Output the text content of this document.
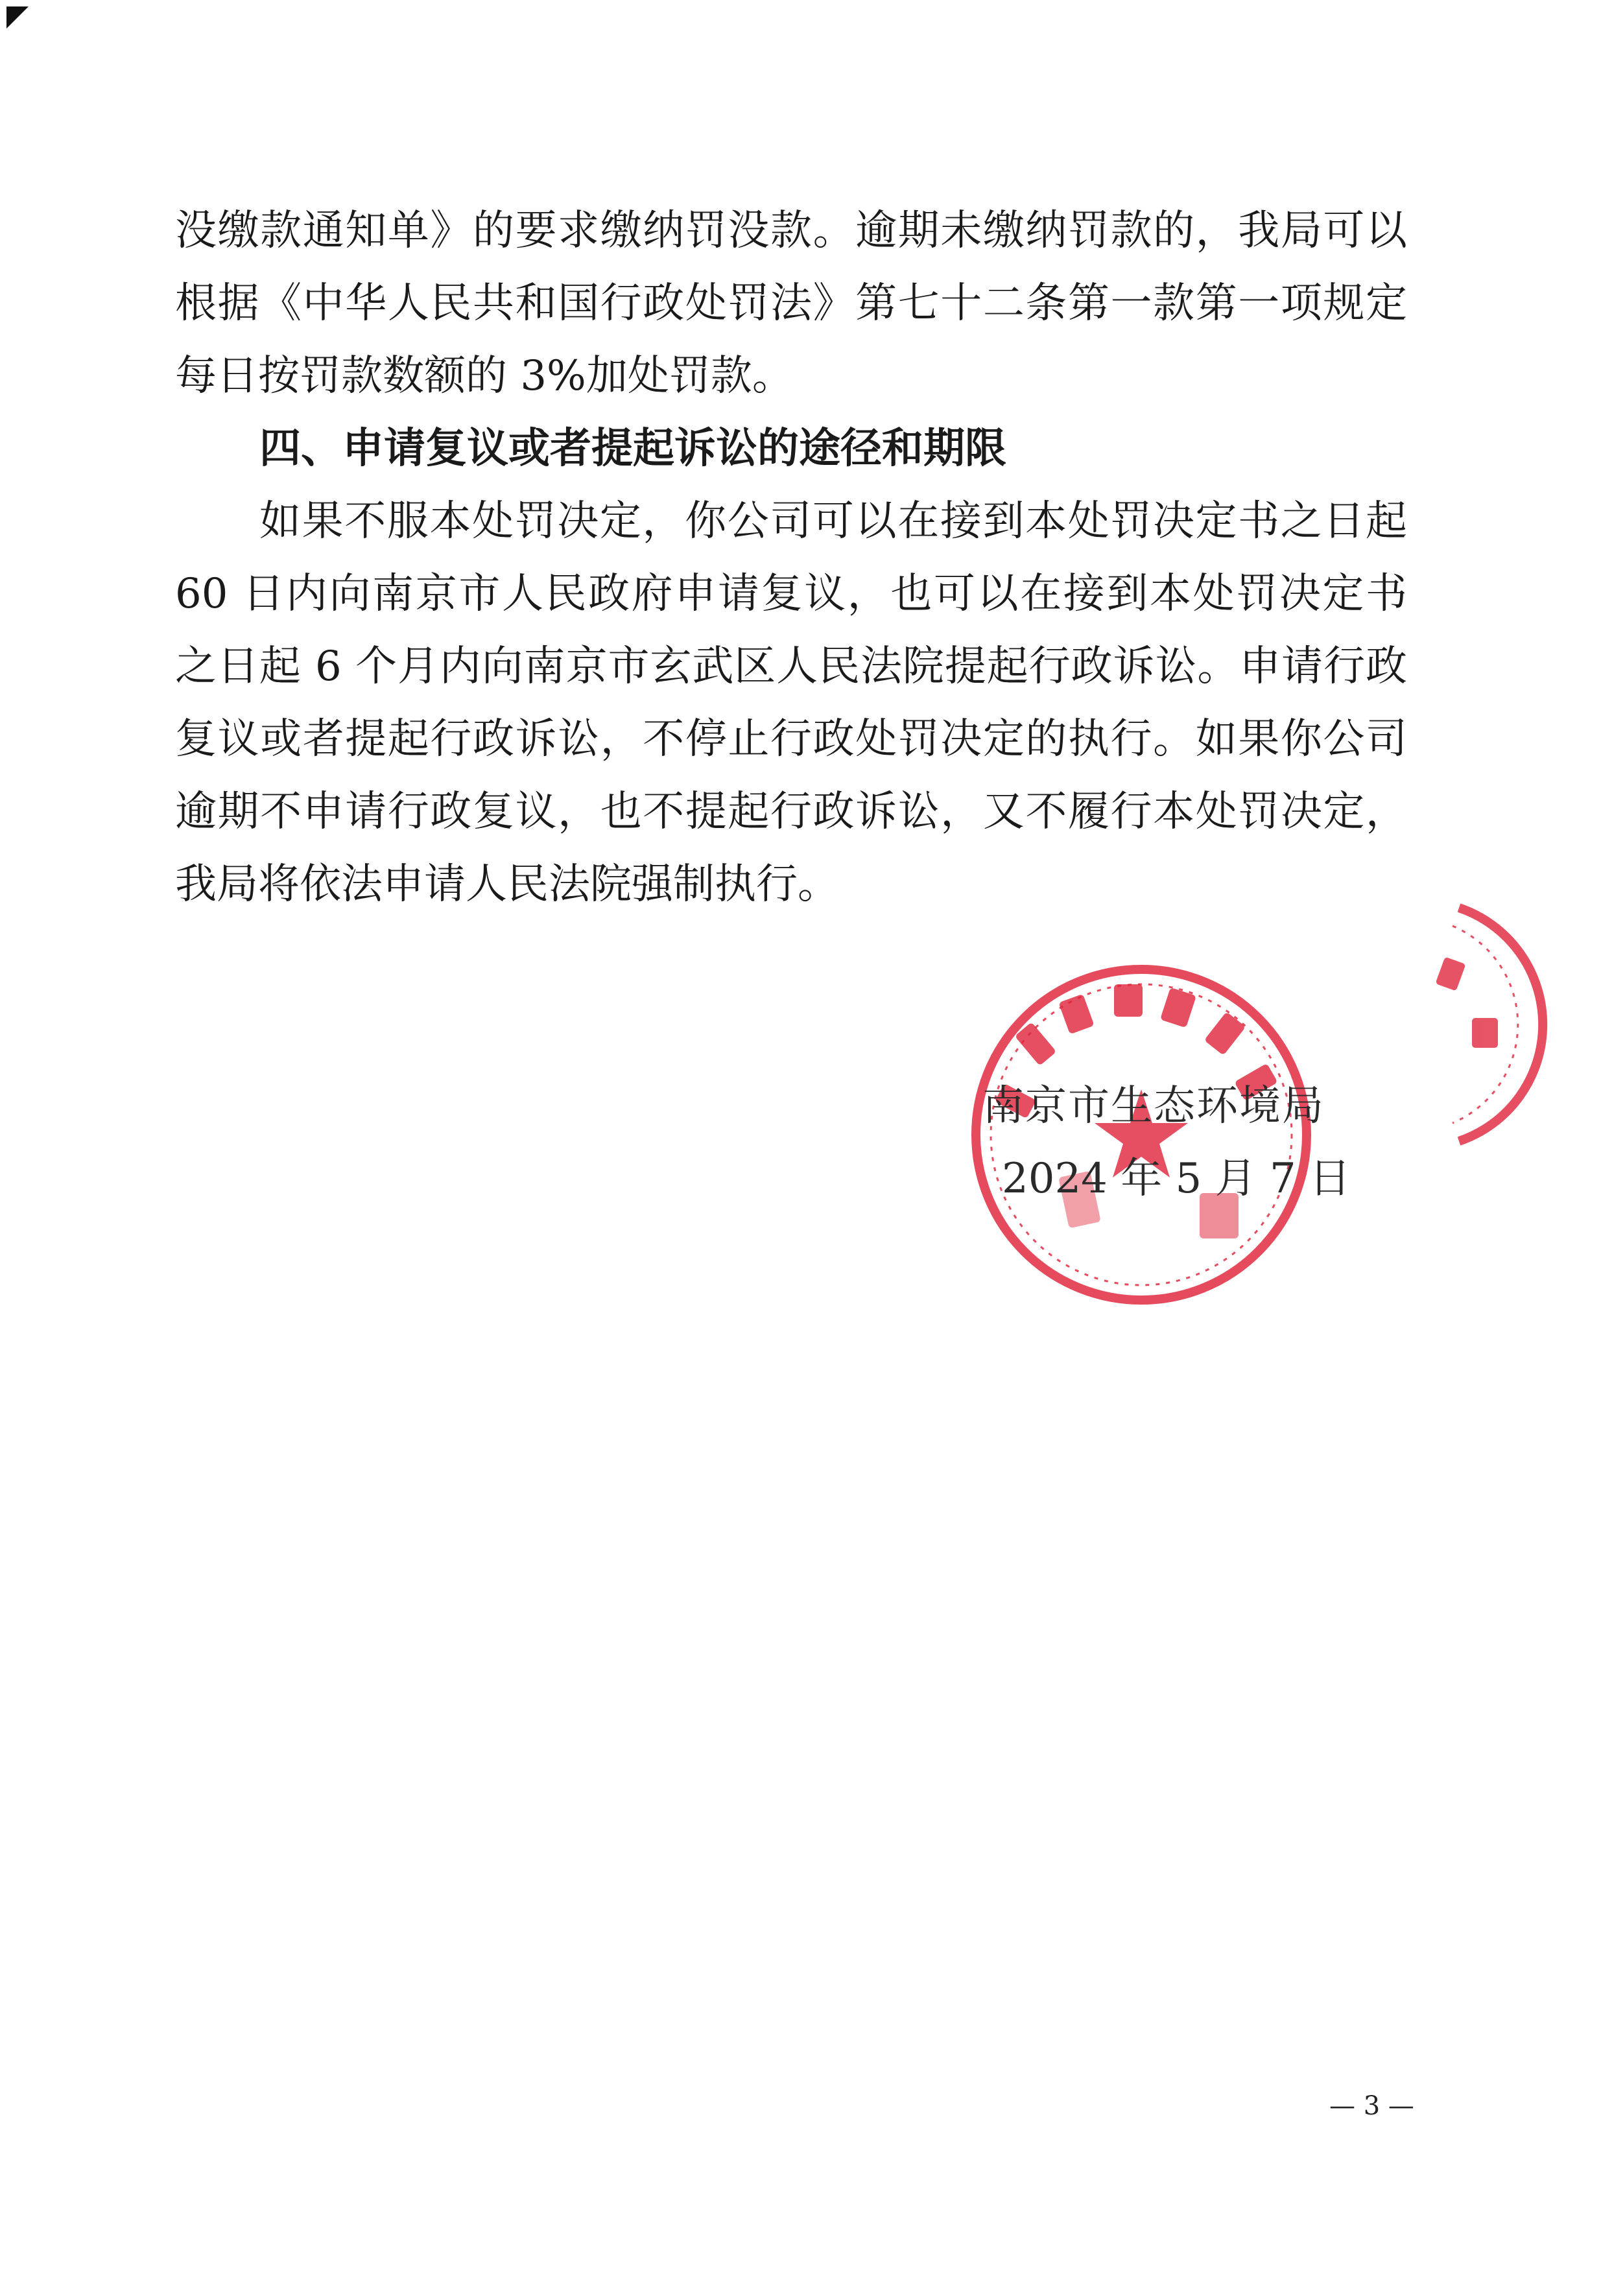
没缴款通知单》的要求缴纳罚没款。逾期未缴纳罚款的，我局可以
根据《中华人民共和国行政处罚法》第七十二条第一款第一项规定
每日按罚款数额的 3%加处罚款。
四、申请复议或者提起诉讼的途径和期限
如果不服本处罚决定，你公司可以在接到本处罚决定书之日起
60 日内向南京市人民政府申请复议，也可以在接到本处罚决定书
之日起 6 个月内向南京市玄武区人民法院提起行政诉讼。申请行政
复议或者提起行政诉讼，不停止行政处罚决定的执行。如果你公司
逾期不申请行政复议，也不提起行政诉讼，又不履行本处罚决定，
我局将依法申请人民法院强制执行。
南京市生态环境局
2024 年 5 月 7 日
— 3 —
